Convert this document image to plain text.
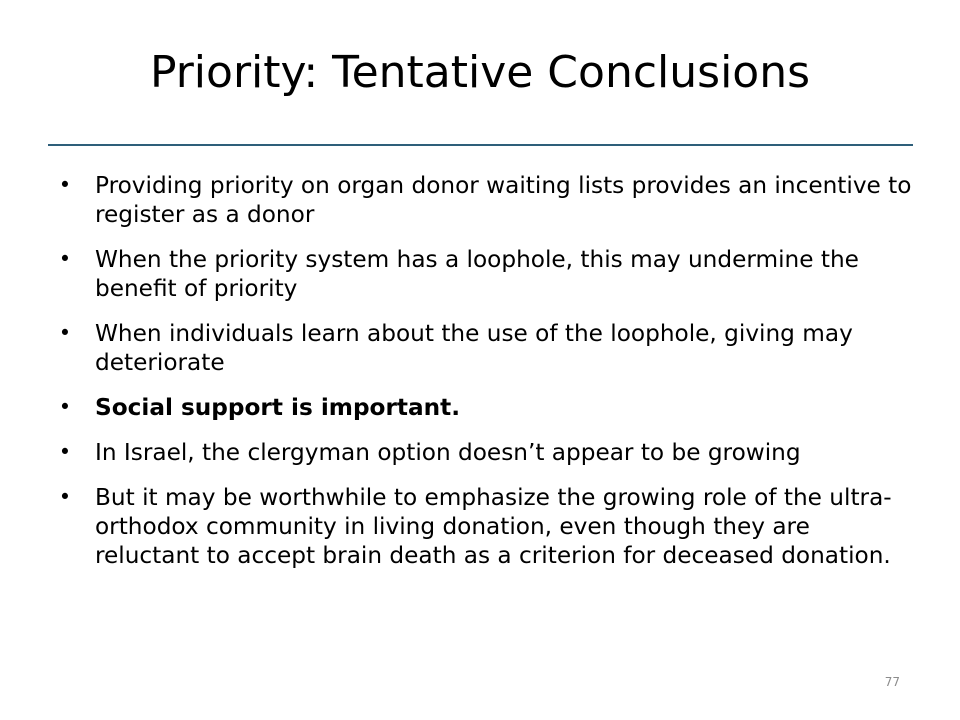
Priority: Tentative Conclusions
• Providing priority on organ donor waiting lists provides an incentive to register as a donor
• When the priority system has a loophole, this may undermine the benefit of priority
• When individuals learn about the use of the loophole, giving may deteriorate
• Social support is important.
• In Israel, the clergyman option doesn’t appear to be growing
• But it may be worthwhile to emphasize the growing role of the ultra-orthodox community in living donation, even though they are reluctant to accept brain death as a criterion for deceased donation.
77
